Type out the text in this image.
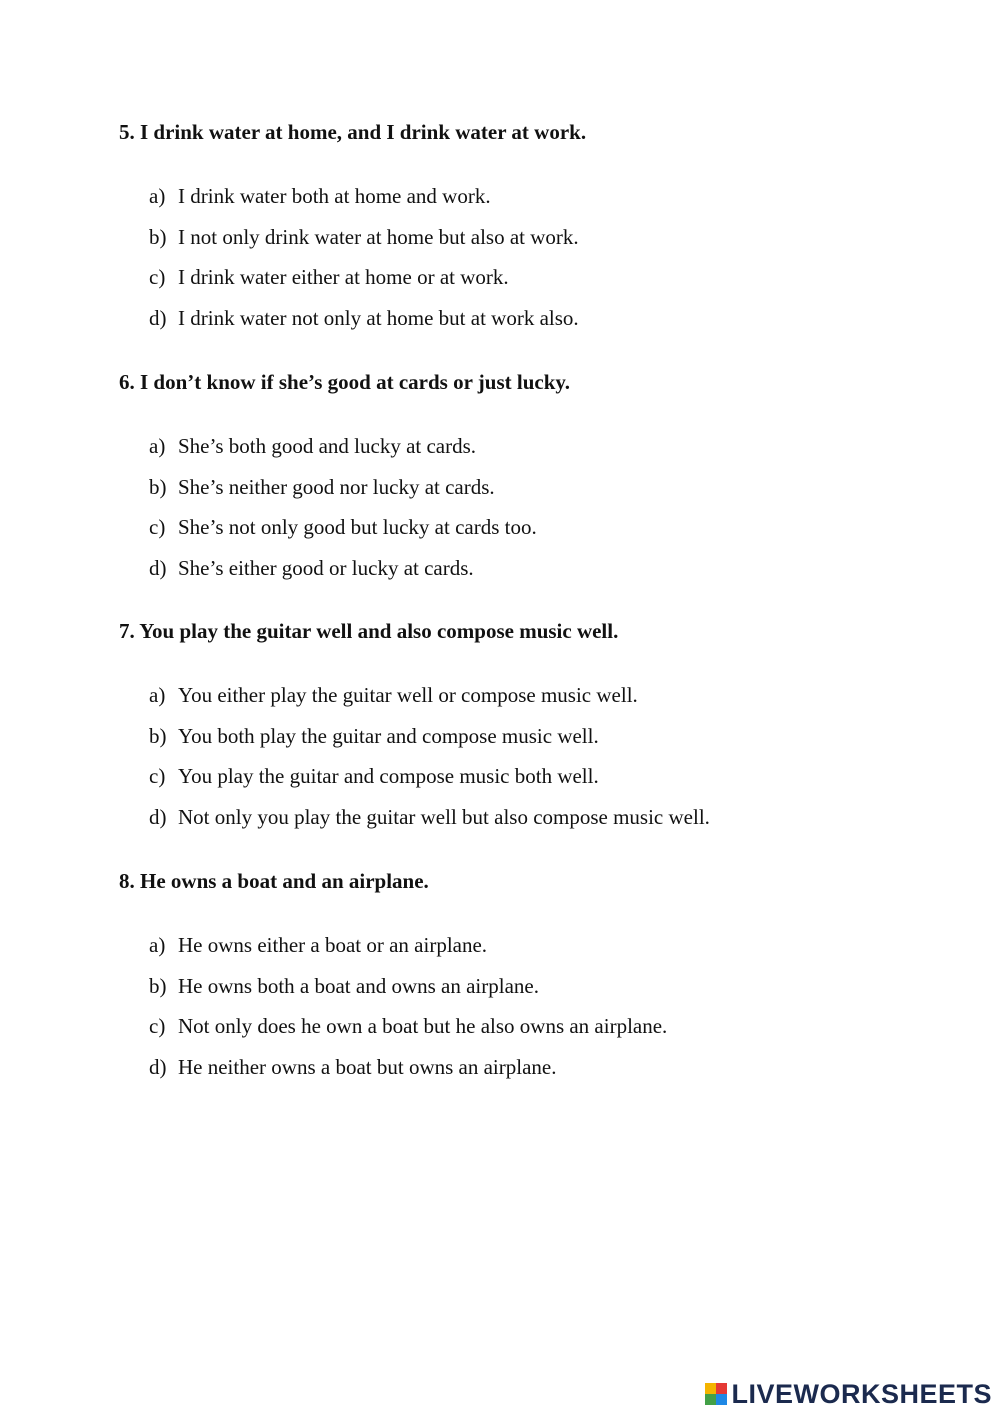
5. I drink water at home, and I drink water at work.
a) I drink water both at home and work.
b) I not only drink water at home but also at work.
c) I drink water either at home or at work.
d) I drink water not only at home but at work also.
6. I don’t know if she’s good at cards or just lucky.
a) She’s both good and lucky at cards.
b) She’s neither good nor lucky at cards.
c) She’s not only good but lucky at cards too.
d) She’s either good or lucky at cards.
7. You play the guitar well and also compose music well.
a) You either play the guitar well or compose music well.
b) You both play the guitar and compose music well.
c) You play the guitar and compose music both well.
d) Not only you play the guitar well but also compose music well.
8. He owns a boat and an airplane.
a) He owns either a boat or an airplane.
b) He owns both a boat and owns an airplane.
c) Not only does he own a boat but he also owns an airplane.
d) He neither owns a boat but owns an airplane.
LIVEWORKSHEETS
